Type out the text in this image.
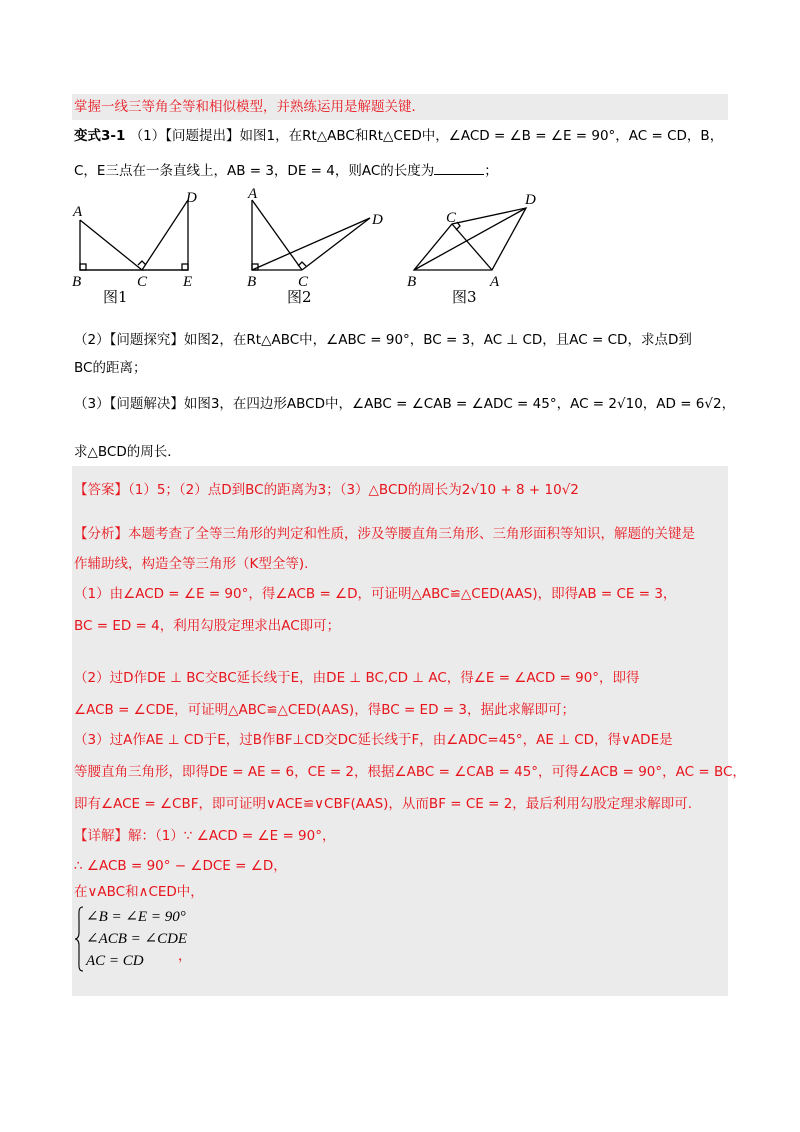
掌握一线三等角全等和相似模型，并熟练运用是解题关键．
变式3-1 （1）【问题提出】如图1，在Rt△ABC和Rt△CED中，∠ACD = ∠B = ∠E = 90°，AC = CD，B，
C，E三点在一条直线上，AB = 3，DE = 4，则AC的长度为	；
A
B	C
D
E
A
B	C
D
B	A
C
D
图1	图2	图3
（2）【问题探究】如图2，在Rt△ABC中，∠ABC = 90°，BC = 3，AC ⊥ CD，且AC = CD，求点D到
BC的距离；
（3）【问题解决】如图3，在四边形ABCD中，∠ABC = ∠CAB = ∠ADC = 45°，AC = 2√10，AD = 6√2，
求△BCD的周长．
【答案】（1）5；（2）点D到BC的距离为3；（3）△BCD的周长为2√10 + 8 + 10√2
【分析】本题考查了全等三角形的判定和性质，涉及等腰直角三角形、三角形面积等知识，解题的关键是
作辅助线，构造全等三角形（K型全等).
（1）由∠ACD = ∠E = 90°，得∠ACB = ∠D，可证明△ABC≌△CED(AAS)，即得AB = CE = 3，
BC = ED = 4，利用勾股定理求出AC即可；
（2）过D作DE ⊥ BC交BC延长线于E，由DE ⊥ BC,CD ⊥ AC，得∠E = ∠ACD = 90°，即得
∠ACB = ∠CDE，可证明△ABC≌△CED(AAS)，得BC = ED = 3，据此求解即可；
（3）过A作AE ⊥ CD于E，过B作BF⊥CD交DC延长线于F，由∠ADC=45°，AE ⊥ CD，得∨ADE是
等腰直角三角形，即得DE = AE = 6，CE = 2，根据∠ABC = ∠CAB = 45°，可得∠ACB = 90°，AC = BC，
即有∠ACE = ∠CBF，即可证明∨ACE≌∨CBF(AAS)，从而BF = CE = 2，最后利用勾股定理求解即可.
【详解】解：（1）∵ ∠ACD = ∠E = 90°，
∴ ∠ACB = 90° − ∠DCE = ∠D，
在∨ABC和∧CED中，
∠B = ∠E = 90°
∠ACB = ∠CDE
AC = CD	，
